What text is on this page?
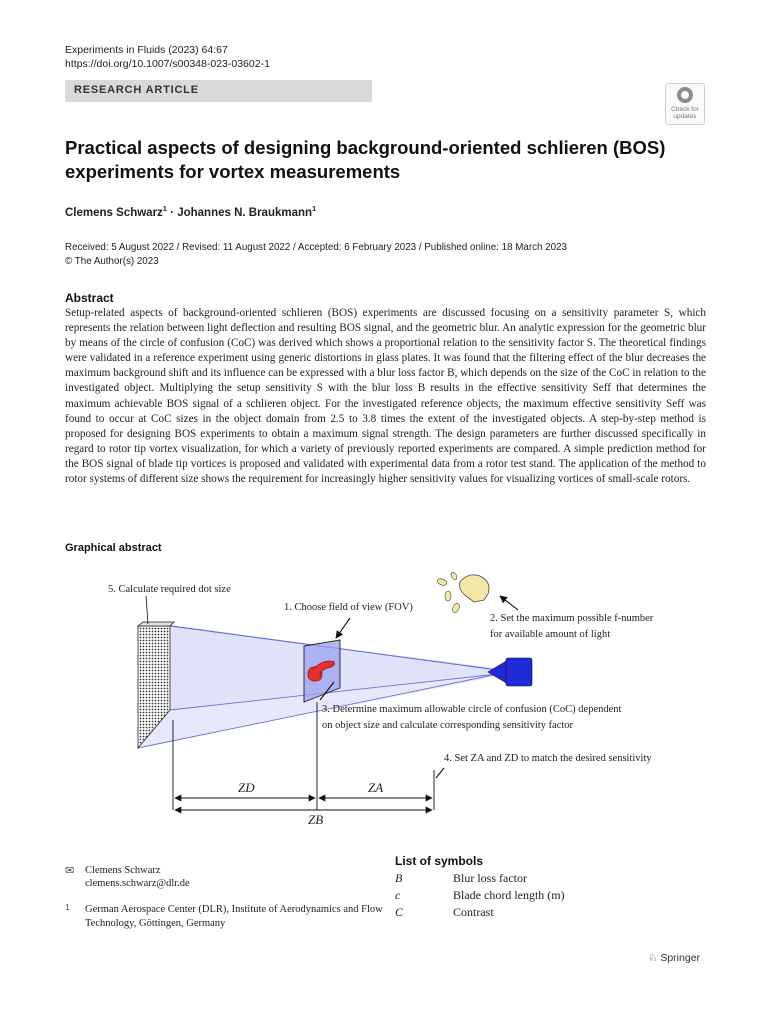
Experiments in Fluids (2023) 64:67
https://doi.org/10.1007/s00348-023-03602-1
RESEARCH ARTICLE
Check for
updates
Practical aspects of designing background-oriented schlieren (BOS) experiments for vortex measurements
Clemens Schwarz$^1$ · Johannes N. Braukmann$^1$
Received: 5 August 2022 / Revised: 11 August 2022 / Accepted: 6 February 2023 / Published online: 18 March 2023
© The Author(s) 2023
Abstract
Setup-related aspects of background-oriented schlieren (BOS) experiments are discussed focusing on a sensitivity parameter S, which represents the relation between light deflection and resulting BOS signal, and the geometric blur. An analytic expression for the geometric blur by means of the circle of confusion (CoC) was derived which shows a proportional relation to the sensitivity factor S. The theoretical findings were validated in a reference experiment using generic distortions in glass plates. It was found that the filtering effect of the blur decreases the maximum background shift and its influence can be expressed with a blur loss factor B, which depends on the size of the CoC in relation to the investigated object. Multiplying the setup sensitivity S with the blur loss B results in the effective sensitivity Seff that determines the maximum achievable BOS signal of a schlieren object. For the investigated reference objects, the maximum effective sensitivity Seff was found to occur at CoC sizes in the object domain from 2.5 to 3.8 times the extent of the investigated objects. A step-by-step method is proposed for designing BOS experiments to obtain a maximum signal strength. The design parameters are further discussed specifically in regard to rotor tip vortex visualization, for which a variety of previously reported experiments are compared. A simple prediction method for the BOS signal of blade tip vortices is proposed and validated with experimental data from a rotor test stand. The application of the method to rotor systems of different size shows the requirement for increasingly higher sensitivity values for visualizing vortices of small-scale rotors.
Graphical abstract
5. Calculate required dot size
1. Choose field of view (FOV)
2. Set the maximum possible f-number
for available amount of light
3. Determine maximum allowable circle of confusion (CoC) dependent
on object size and calculate corresponding sensitivity factor
4. Set ZA and ZD to match the desired sensitivity
ZD	ZA
ZB
✉ Clemens Schwarz
clemens.schwarz@dlr.de
1 German Aerospace Center (DLR), Institute of Aerodynamics and Flow Technology, Göttingen, Germany
List of symbols
B	Blur loss factor
c	Blade chord length (m)
C	Contrast
♘ Springer
